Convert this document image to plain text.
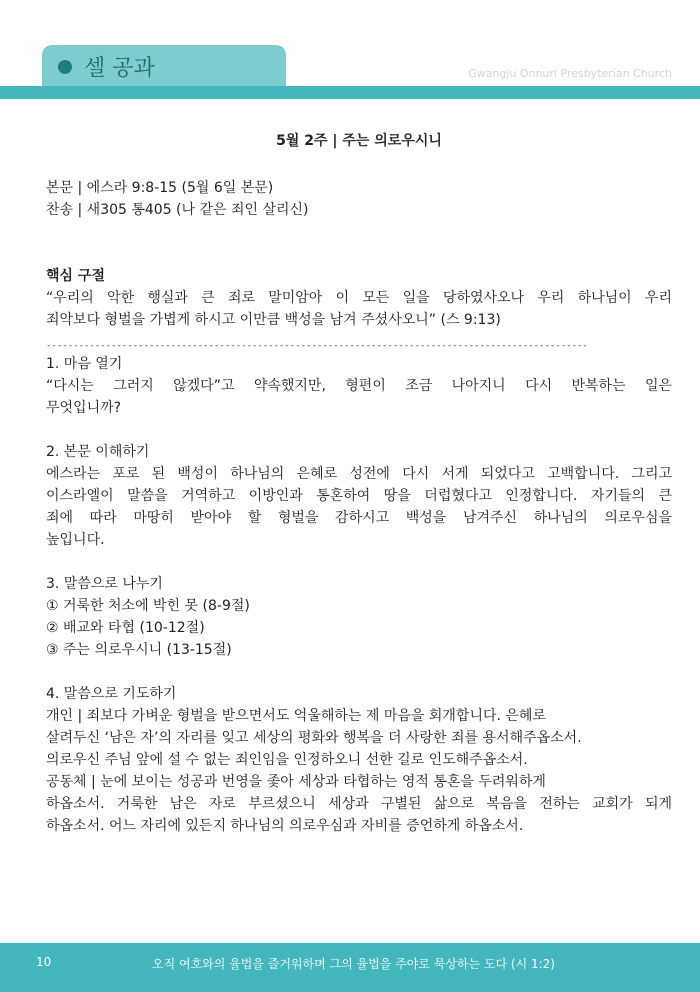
셀 공과	Gwangju Onnuri Presbyterian Church
5월 2주 | 주는 의로우시니
본문 | 에스라 9:8-15 (5월 6일 본문)
찬송 | 새305 통405 (나 같은 죄인 살리신)
핵심 구절
“우리의 악한 행실과 큰 죄로 말미암아 이 모든 일을 당하였사오나 우리 하나님이 우리
죄악보다 형벌을 가볍게 하시고 이만큼 백성을 남겨 주셨사오니” (스 9:13)
----------------------------------------------------------------------------------------------------
1. 마음 열기
“다시는 그러지 않겠다”고 약속했지만, 형편이 조금 나아지니 다시 반복하는 일은
무엇입니까?
2. 본문 이해하기
에스라는 포로 된 백성이 하나님의 은혜로 성전에 다시 서게 되었다고 고백합니다. 그리고
이스라엘이 말씀을 거역하고 이방인과 통혼하여 땅을 더럽혔다고 인정합니다. 자기들의 큰
죄에 따라 마땅히 받아야 할 형벌을 감하시고 백성을 남겨주신 하나님의 의로우심을
높입니다.
3. 말씀으로 나누기
① 거룩한 처소에 박힌 못 (8-9절)
② 배교와 타협 (10-12절)
③ 주는 의로우시니 (13-15절)
4. 말씀으로 기도하기
개인 | 죄보다 가벼운 형벌을 받으면서도 억울해하는 제 마음을 회개합니다. 은혜로
살려두신 ‘남은 자’의 자리를 잊고 세상의 평화와 행복을 더 사랑한 죄를 용서해주옵소서.
의로우신 주님 앞에 설 수 없는 죄인임을 인정하오니 선한 길로 인도해주옵소서.
공동체 | 눈에 보이는 성공과 번영을 좇아 세상과 타협하는 영적 통혼을 두려워하게
하옵소서. 거룩한 남은 자로 부르셨으니 세상과 구별된 삶으로 복음을 전하는 교회가 되게
하옵소서. 어느 자리에 있든지 하나님의 의로우심과 자비를 증언하게 하옵소서.
10	오직 여호와의 율법을 즐거워하며 그의 율법을 주야로 묵상하는 도다 (시 1:2)
